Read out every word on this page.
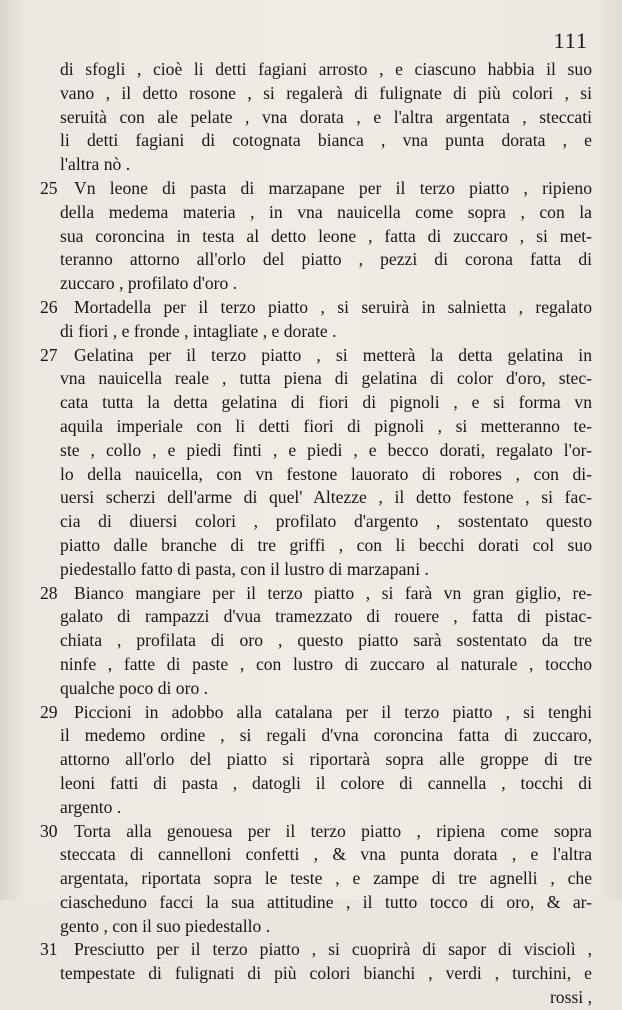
111
di sfogli , cioè li detti fagiani arrosto , e ciascuno habbia il suo
vano , il detto rosone , si regalerà di fulignate di più colori , si
seruità con ale pelate , vna dorata , e l'altra argentata , steccati
li detti fagiani di cotognata bianca , vna punta dorata , e
l'altra nò .
25 Vn leone di pasta di marzapane per il terzo piatto , ripieno
della medema materia , in vna nauicella come sopra , con la
sua coroncina in testa al detto leone , fatta di zuccaro , si met-
teranno attorno all'orlo del piatto , pezzi di corona fatta di
zuccaro , profilato d'oro .
26 Mortadella per il terzo piatto , si seruirà in salnietta , regalato
di fiori , e fronde , intagliate , e dorate .
27 Gelatina per il terzo piatto , si metterà la detta gelatina in
vna nauicella reale , tutta piena di gelatina di color d'oro, stec-
cata tutta la detta gelatina di fiori di pignoli , e si forma vn
aquila imperiale con li detti fiori di pignoli , si metteranno te-
ste , collo , e piedi finti , e piedi , e becco dorati, regalato l'or-
lo della nauicella, con vn festone lauorato di robores , con di-
uersi scherzi dell'arme di quel' Altezze , il detto festone , si fac-
cia di diuersi colori , profilato d'argento , sostentato questo
piatto dalle branche di tre griffi , con li becchi dorati col suo
piedestallo fatto di pasta, con il lustro di marzapani .
28 Bianco mangiare per il terzo piatto , si farà vn gran giglio, re-
galato di rampazzi d'vua tramezzato di rouere , fatta di pistac-
chiata , profilata di oro , questo piatto sarà sostentato da tre
ninfe , fatte di paste , con lustro di zuccaro al naturale , toccho
qualche poco di oro .
29 Piccioni in adobbo alla catalana per il terzo piatto , si tenghi
il medemo ordine , si regali d'vna coroncina fatta di zuccaro,
attorno all'orlo del piatto si riportarà sopra alle groppe di tre
leoni fatti di pasta , datogli il colore di cannella , tocchi di
argento .
30 Torta alla genouesa per il terzo piatto , ripiena come sopra
steccata di cannelloni confetti , & vna punta dorata , e l'altra
argentata, riportata sopra le teste , e zampe di tre agnelli , che
ciascheduno facci la sua attitudine , il tutto tocco di oro, & ar-
gento , con il suo piedestallo .
31 Presciutto per il terzo piatto , si cuoprirà di sapor di visciolì ,
tempestate di fulignati di più colori bianchi , verdi , turchini, e
rossi ,
